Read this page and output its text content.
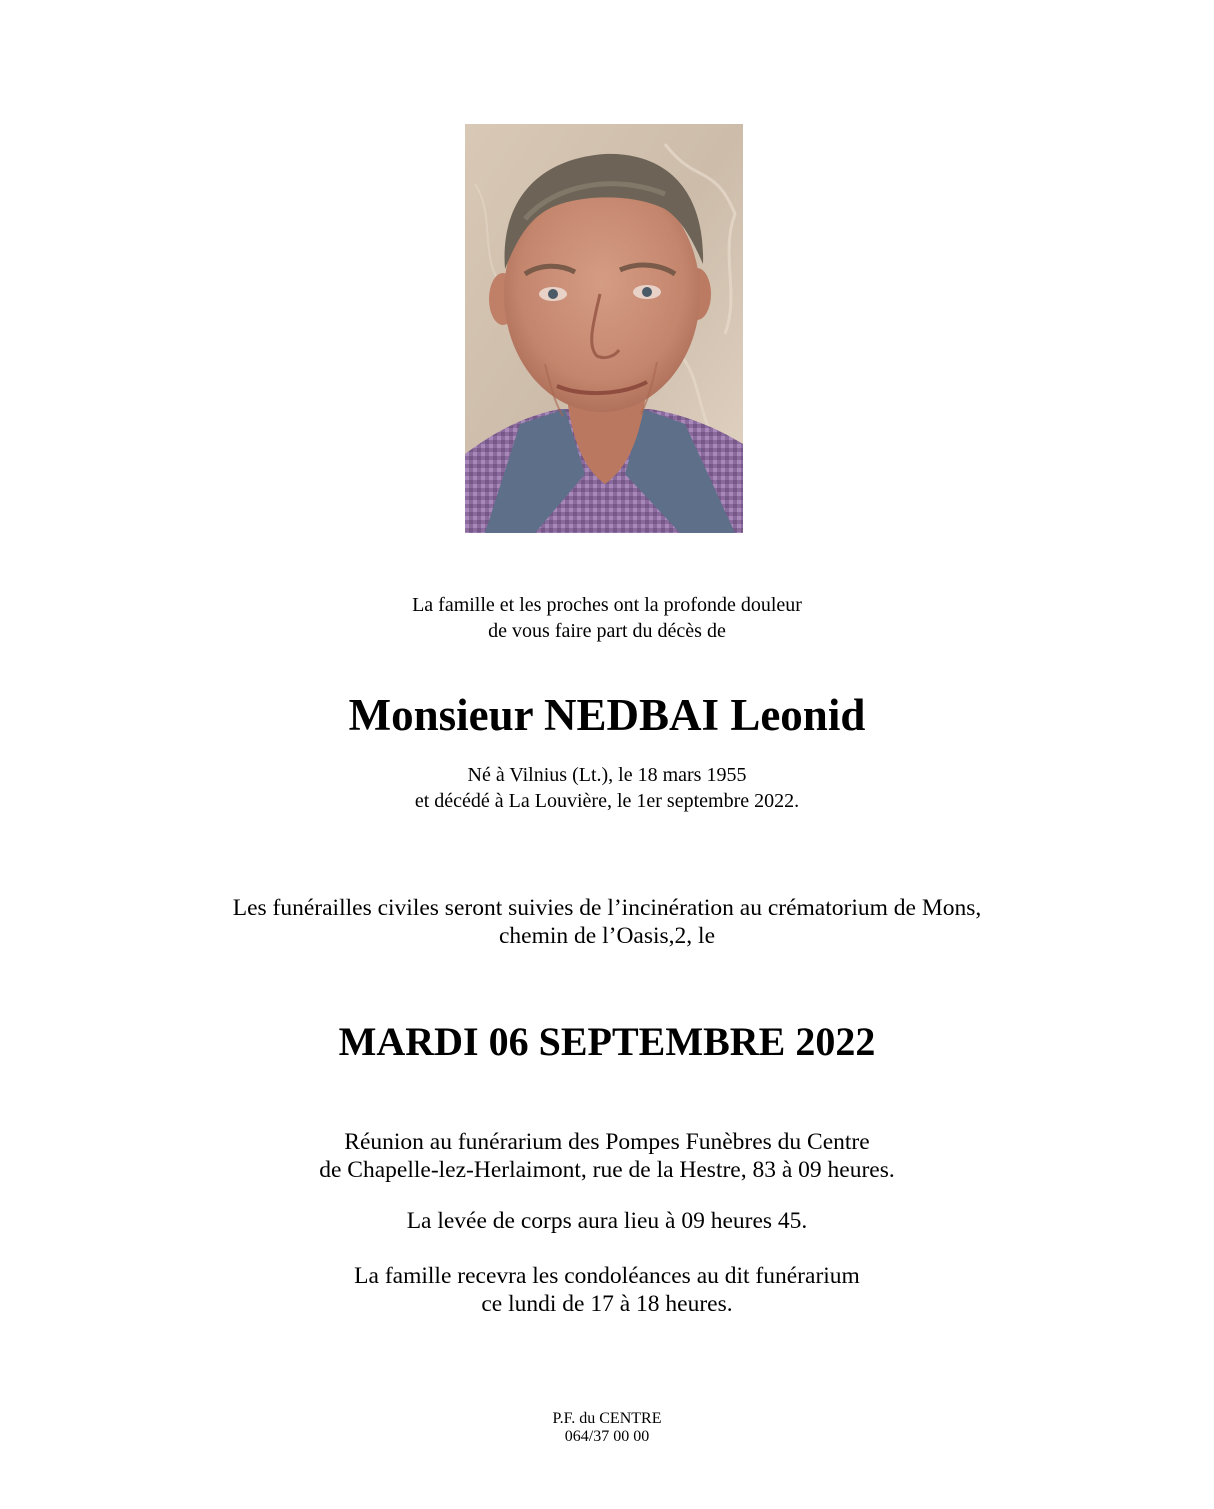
La famille et les proches ont la profonde douleur
de vous faire part du décès de
Monsieur NEDBAI Leonid
Né à Vilnius (Lt.), le 18 mars 1955
et décédé à La Louvière, le 1er septembre 2022.
Les funérailles civiles seront suivies de l’incinération au crématorium de Mons,
chemin de l’Oasis,2, le
MARDI 06 SEPTEMBRE 2022
Réunion au funérarium des Pompes Funèbres du Centre
de Chapelle-lez-Herlaimont, rue de la Hestre, 83 à 09 heures.
La levée de corps aura lieu à 09 heures 45.
La famille recevra les condoléances au dit funérarium
ce lundi de 17 à 18 heures.
P.F. du CENTRE
064/37 00 00
